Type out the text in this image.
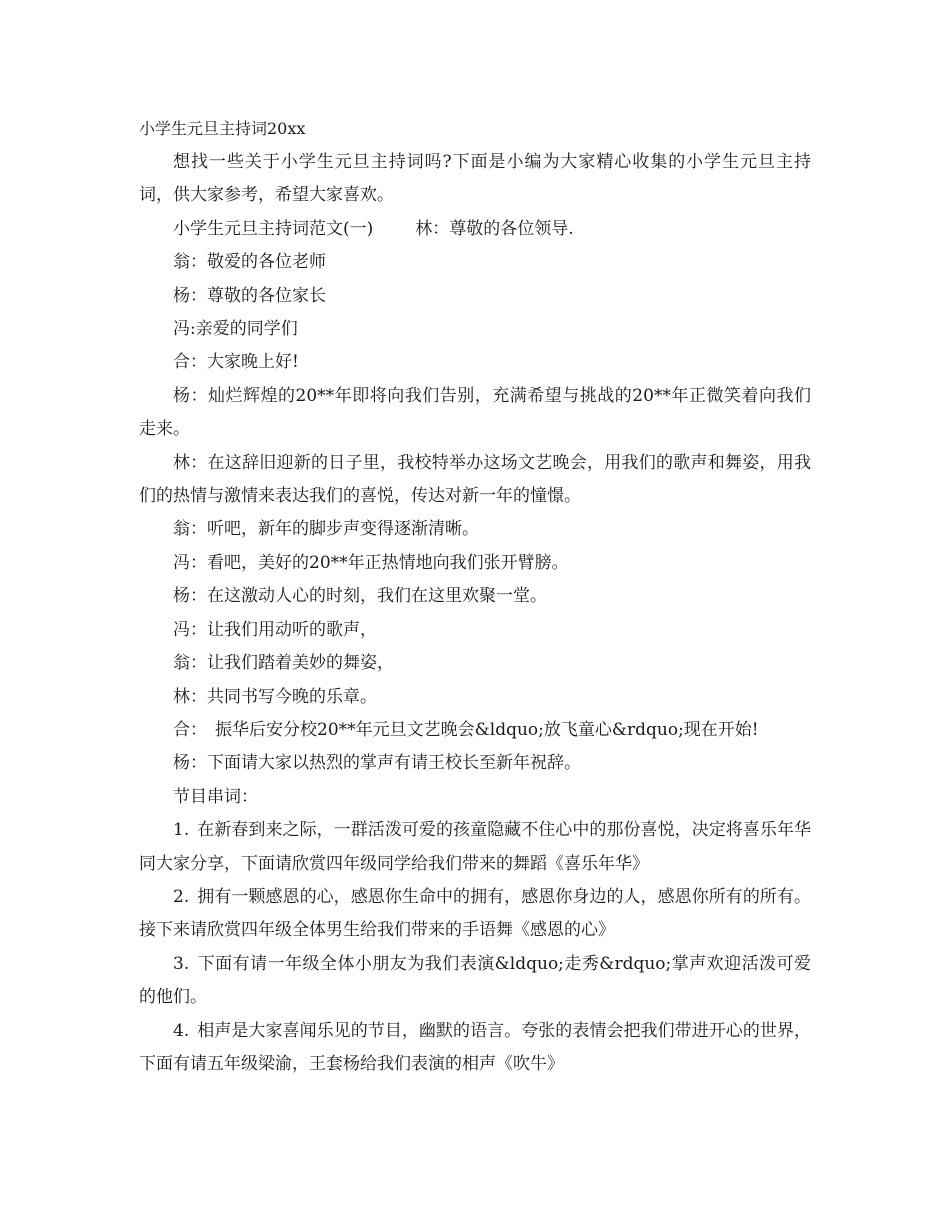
小学生元旦主持词20xx

想找一些关于小学生元旦主持词吗?下面是小编为大家精心收集的小学生元旦主持词，供大家参考，希望大家喜欢。

小学生元旦主持词范文(一) 林：尊敬的各位领导.

翁：敬爱的各位老师

杨：尊敬的各位家长

冯:亲爱的同学们

合：大家晚上好!

杨：灿烂辉煌的20**年即将向我们告别，充满希望与挑战的20**年正微笑着向我们走来。

林：在这辞旧迎新的日子里，我校特举办这场文艺晚会，用我们的歌声和舞姿，用我们的热情与激情来表达我们的喜悦，传达对新一年的憧憬。

翁：听吧，新年的脚步声变得逐渐清晰。

冯：看吧，美好的20**年正热情地向我们张开臂膀。

杨：在这激动人心的时刻，我们在这里欢聚一堂。

冯：让我们用动听的歌声，

翁：让我们踏着美妙的舞姿，

林：共同书写今晚的乐章。

合： 振华后安分校20**年元旦文艺晚会&ldquo;放飞童心&rdquo;现在开始!

杨：下面请大家以热烈的掌声有请王校长至新年祝辞。

节目串词：

1. 在新春到来之际，一群活泼可爱的孩童隐藏不住心中的那份喜悦，决定将喜乐年华同大家分享，下面请欣赏四年级同学给我们带来的舞蹈《喜乐年华》

2. 拥有一颗感恩的心，感恩你生命中的拥有，感恩你身边的人，感恩你所有的所有。接下来请欣赏四年级全体男生给我们带来的手语舞《感恩的心》

3. 下面有请一年级全体小朋友为我们表演&ldquo;走秀&rdquo;掌声欢迎活泼可爱的他们。

4. 相声是大家喜闻乐见的节目，幽默的语言。夸张的表情会把我们带进开心的世界，下面有请五年级梁渝，王套杨给我们表演的相声《吹牛》
